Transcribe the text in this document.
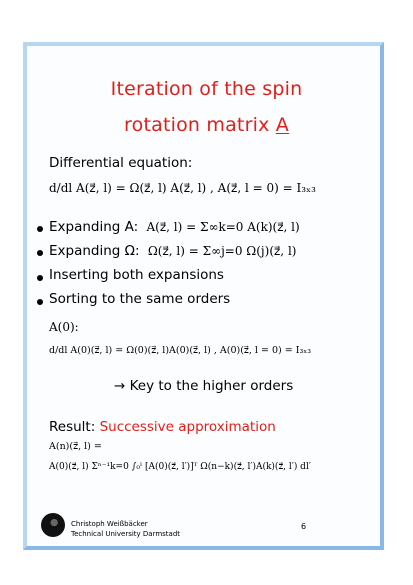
Iteration of the spin
rotation matrix A
Differential equation:
d/dl A(z⃗, l) = Ω(z⃗, l) A(z⃗, l) , A(z⃗, l = 0) = I₃ₓ₃
Expanding A: A(z⃗, l) = Σ∞k=0 A(k)(z⃗, l)
Expanding Ω: Ω(z⃗, l) = Σ∞j=0 Ω(j)(z⃗, l)
Inserting both expansions
Sorting to the same orders
A(0):
d/dl A(0)(z⃗, l) = Ω(0)(z⃗, l)A(0)(z⃗, l) , A(0)(z⃗, l = 0) = I₃ₓ₃
→ Key to the higher orders
Result: Successive approximation
A(n)(z⃗, l) =
A(0)(z⃗, l) Σⁿ⁻¹k=0 ∫₀ˡ [A(0)(z⃗, l′)]ᵀ Ω(n−k)(z⃗, l′)A(k)(z⃗, l′) dl′
Christoph Weißbäcker
Technical University Darmstadt
6
